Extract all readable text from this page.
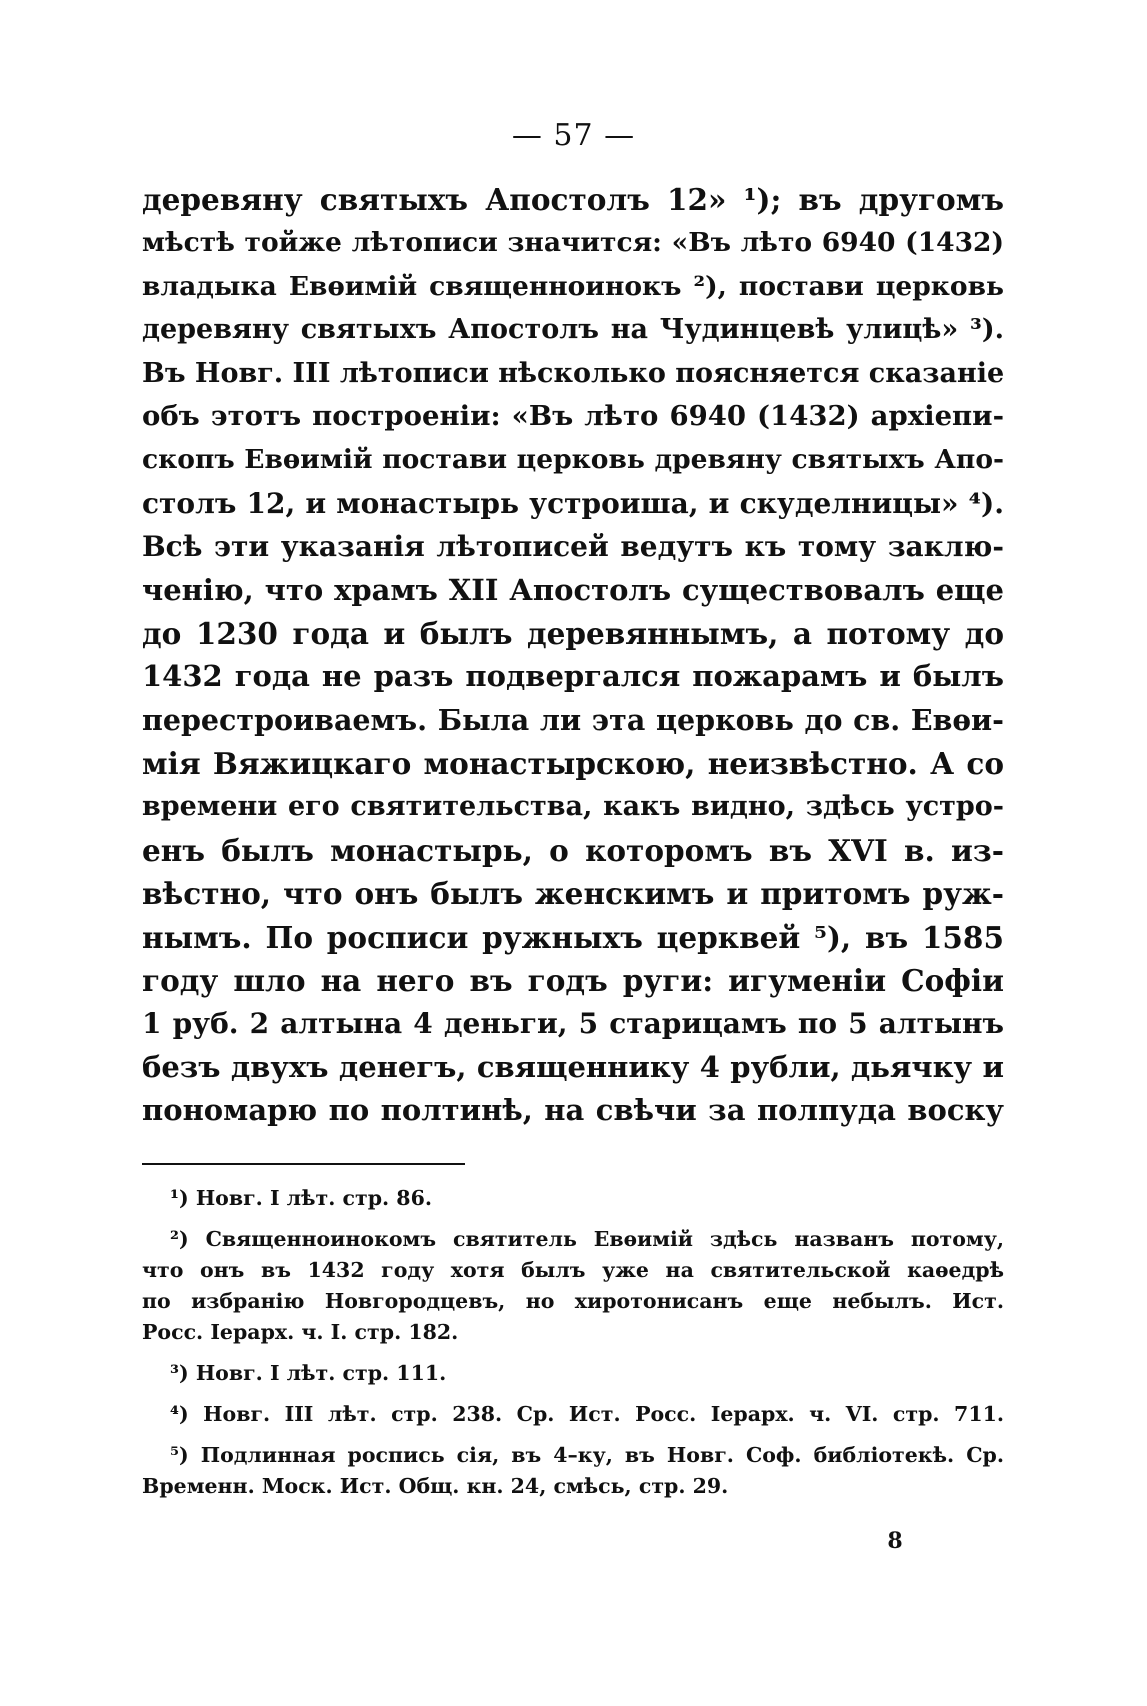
— 57 —
деревяну святыхъ Апостолъ 12» ¹); въ другомъ
мѣстѣ тойже лѣтописи значится: «Въ лѣто 6940 (1432)
владыка Евѳимій священноинокъ ²), постави церковь
деревяну святыхъ Апостолъ на Чудинцевѣ улицѣ» ³).
Въ Новг. III лѣтописи нѣсколько поясняется сказаніе
объ этотъ построеніи: «Въ лѣто 6940 (1432) архіепи-
скопъ Евѳимій постави церковь древяну святыхъ Апо-
столъ 12, и монастырь устроиша, и скуделницы» ⁴).
Всѣ эти указанія лѣтописей ведутъ къ тому заклю-
ченію, что храмъ XII Апостолъ существовалъ еще
до 1230 года и былъ деревяннымъ, а потому до
1432 года не разъ подвергался пожарамъ и былъ
перестроиваемъ. Была ли эта церковь до св. Евѳи-
мія Вяжицкаго монастырскою, неизвѣстно. А со
времени его святительства, какъ видно, здѣсь устро-
енъ былъ монастырь, о которомъ въ XVI в. из-
вѣстно, что онъ былъ женскимъ и притомъ руж-
нымъ. По росписи ружныхъ церквей ⁵), въ 1585
году шло на него въ годъ руги: игуменіи Софіи
1 руб. 2 алтына 4 деньги, 5 старицамъ по 5 алтынъ
безъ двухъ денегъ, священнику 4 рубли, дьячку и
пономарю по полтинѣ, на свѣчи за полпуда воску
¹) Новг. I лѣт. стр. 86.
²) Священноинокомъ святитель Евѳимій здѣсь названъ потому,
что онъ въ 1432 году хотя былъ уже на святительской каѳедрѣ
по избранію Новгородцевъ, но хиротонисанъ еще небылъ. Ист.
Росс. Іерарх. ч. I. стр. 182.
³) Новг. I лѣт. стр. 111.
⁴) Новг. III лѣт. стр. 238. Ср. Ист. Росс. Іерарх. ч. VI. стр. 711.
⁵) Подлинная роспись сія, въ 4–ку, въ Новг. Соф. библіотекѣ. Ср.
Временн. Моск. Ист. Общ. кн. 24, смѣсь, стр. 29.
8
